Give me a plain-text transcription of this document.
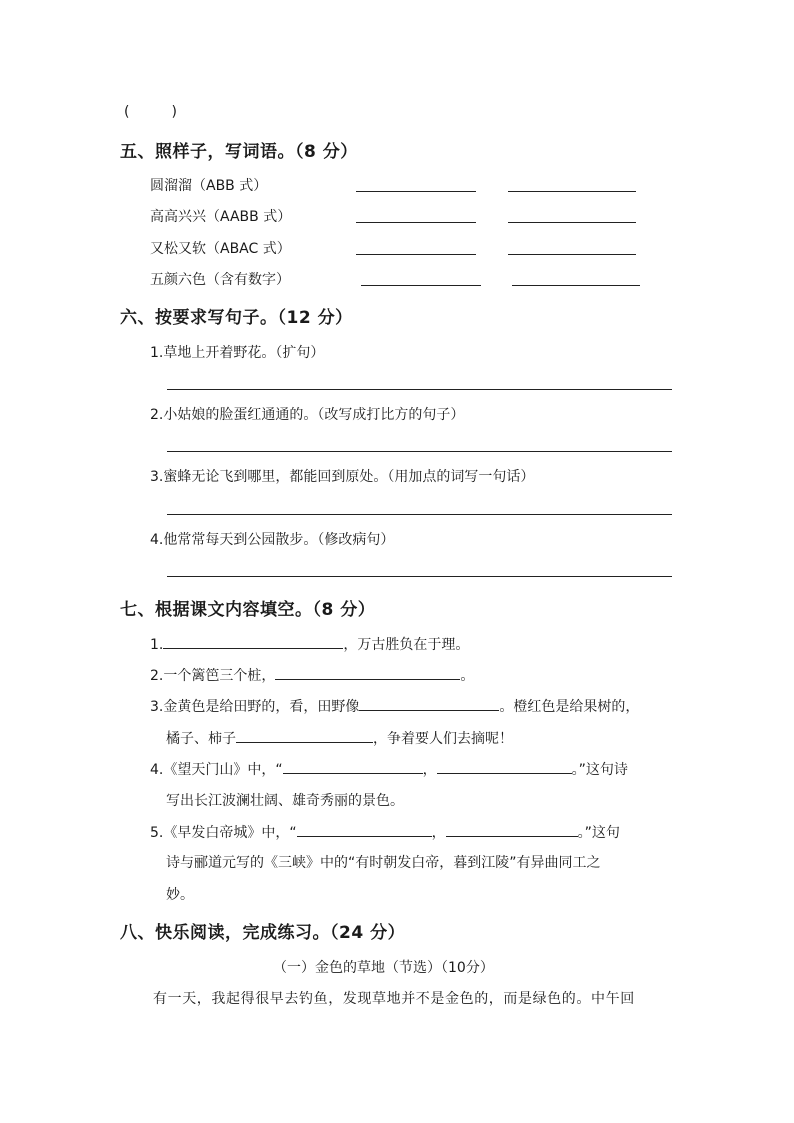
(　　　)
五、照样子，写词语。（8 分）
圆溜溜（ABB 式）
高高兴兴（AABB 式）
又松又软（ABAC 式）
五颜六色（含有数字）
六、按要求写句子。（12 分）
1.草地上开着野花。（扩句）
2.小姑娘的脸蛋红通通的。（改写成打比方的句子）
3.蜜蜂无论飞到哪里，都能回到原处。（用加点的词写一句话）
4.他常常每天到公园散步。（修改病句）
七、根据课文内容填空。（8 分）
1.	，万古胜负在于理。
2.一个篱笆三个桩，	。
3.金黄色是给田野的，看，田野像	。橙红色是给果树的，
橘子、柿子	，争着要人们去摘呢！
4.《望天门山》中，“	，	。”这句诗
写出长江波澜壮阔、雄奇秀丽的景色。
5.《早发白帝城》中，“	，	。”这句
诗与郦道元写的《三峡》中的“有时朝发白帝，暮到江陵”有异曲同工之
妙。
八、快乐阅读，完成练习。（24 分）
（一）金色的草地（节选）（10分）
有一天，我起得很早去钓鱼，发现草地并不是金色的，而是绿色的。中午回
